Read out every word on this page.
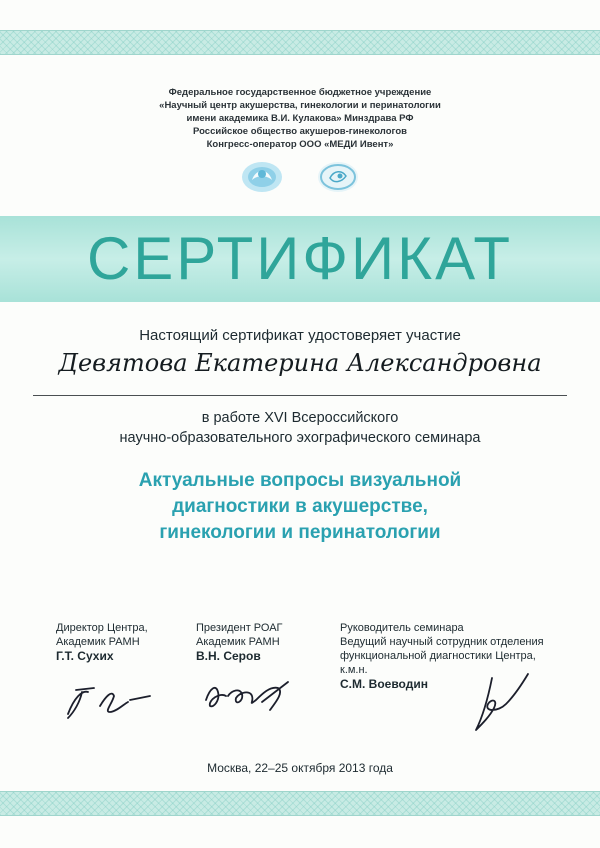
Федеральное государственное бюджетное учреждение
«Научный центр акушерства, гинекологии и перинатологии
имени академика В.И. Кулакова» Минздрава РФ
Российское общество акушеров-гинекологов
Конгресс-оператор ООО «МЕДИ Ивент»
СЕРТИФИКАТ
Настоящий сертификат удостоверяет участие
Девятова Екатерина Александровна
в работе XVI Всероссийского
научно-образовательного эхографического семинара
Актуальные вопросы визуальной
диагностики в акушерстве,
гинекологии и перинатологии
Директор Центра,
Академик РАМН
Г.Т. Сухих
Президент РОАГ
Академик РАМН
В.Н. Серов
Руководитель семинара
Ведущий научный сотрудник отделения
функциональной диагностики Центра,
к.м.н.
С.М. Воеводин
Москва, 22–25 октября 2013 года
